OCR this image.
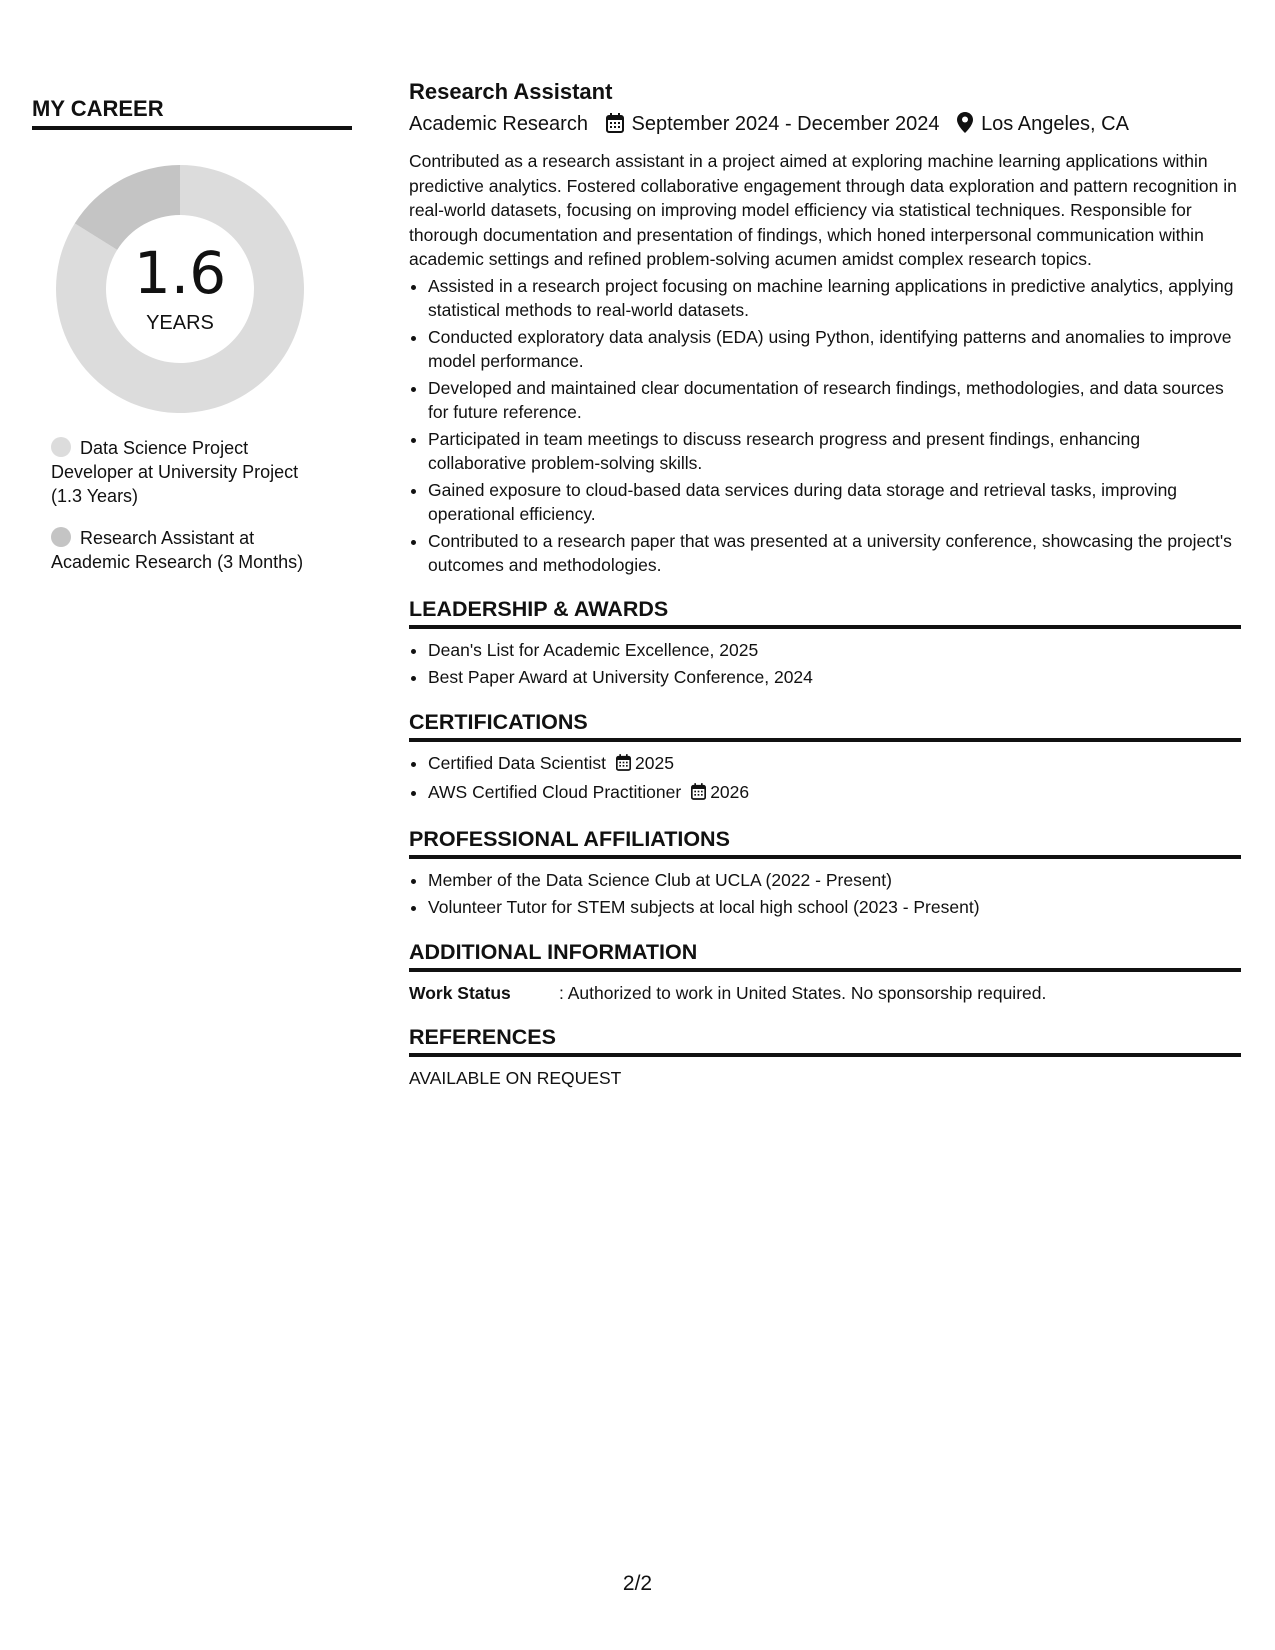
MY CAREER
1.6
YEARS
Data Science Project Developer at University Project (1.3 Years)
Research Assistant at Academic Research (3 Months)
Research Assistant
Academic Research September 2024 - December 2024 Los Angeles, CA

Contributed as a research assistant in a project aimed at exploring machine learning applications within predictive analytics. Fostered collaborative engagement through data exploration and pattern recognition in real-world datasets, focusing on improving model efficiency via statistical techniques. Responsible for thorough documentation and presentation of findings, which honed interpersonal communication within academic settings and refined problem-solving acumen amidst complex research topics.

• Assisted in a research project focusing on machine learning applications in predictive analytics, applying statistical methods to real-world datasets.
• Conducted exploratory data analysis (EDA) using Python, identifying patterns and anomalies to improve model performance.
• Developed and maintained clear documentation of research findings, methodologies, and data sources for future reference.
• Participated in team meetings to discuss research progress and present findings, enhancing collaborative problem-solving skills.
• Gained exposure to cloud-based data services during data storage and retrieval tasks, improving operational efficiency.
• Contributed to a research paper that was presented at a university conference, showcasing the project's outcomes and methodologies.
LEADERSHIP & AWARDS
• Dean's List for Academic Excellence, 2025
• Best Paper Award at University Conference, 2024
CERTIFICATIONS
• Certified Data Scientist 2025
• AWS Certified Cloud Practitioner 2026
PROFESSIONAL AFFILIATIONS
• Member of the Data Science Club at UCLA (2022 - Present)
• Volunteer Tutor for STEM subjects at local high school (2023 - Present)
ADDITIONAL INFORMATION
Work Status	: Authorized to work in United States. No sponsorship required.
REFERENCES
AVAILABLE ON REQUEST
2/2
